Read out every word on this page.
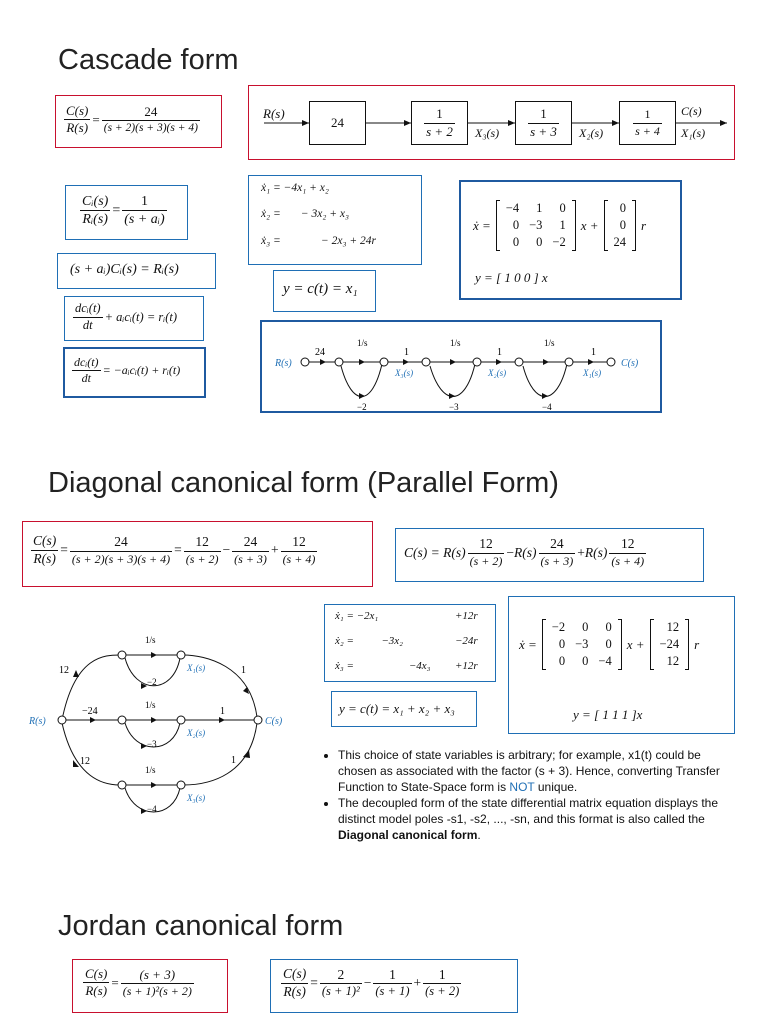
Cascade form
$\frac{C(s)}{R(s)} = \frac{24}{(s + 2)(s + 3)(s + 4)}$	R(s)
24	$\frac{1}{s + 2} X_3(s) \frac{1}{s + 3} X_2(s) \frac{1}{s + 4} C(s)$
X₁(s)
$\frac{\text{Cᵢ(s)}}{\text{Rᵢ(s)}} = \frac{1}{\text{(s + aᵢ)}}$
(s + aᵢ)Cᵢ(s) = Rᵢ(s)
$\frac{\text{dcᵢ(t)}}{dt}$ + aᵢcᵢ(t) = rᵢ(t)
$\frac{\text{dcᵢ(t)}}{dt}$ = −aᵢcᵢ(t) + rᵢ(t)
ẋ₁ = −4x₁ + x₂
ẋ₂ =       − 3x₂ + x₃
ẋ₃ =              − 2x₃ + 24r
y = c(t) = x₁
ẋ =
−4	1	0
0	−3	1
0	0	−2
x +
0
0
24
r
y = [ 1 0 0 ] x
R(s)
24
1/s
1
1/s
1
1/s
1
C(s)
X₃(s)	X₂(s)	X₁(s)
−2	−3	−4
Diagonal canonical form (Parallel Form)
$\frac{C(s)}{R(s)} = \frac{24}{(s + 2)(s + 3)(s + 4)} = \frac{12}{(s + 2)} - \frac{24}{(s + 3)} + \frac{12}{(s + 4)}$	$C(s) = R(s) \frac{12}{(s + 2)} - R(s) \frac{24}{(s + 3)} + R(s) \frac{12}{(s + 4)}$
R(s)	C(s)
12
−24
12
1/s
1/s
1/s
1
1
1
X₁(s)
X₂(s)
X₃(s)
−2
−3
−4
ẋ₁ = −2x₁	+12r
ẋ₂ =          −3x₂	−24r
ẋ₃ =                    −4x₃ +12r
y = c(t) = x₁ + x₂ + x₃
ẋ =
−2	0	0
0	−3	0
0	0	−4
x +
12
−24
12
r
y = [ 1 1 1 ]x
• This choice of state variables is arbitrary; for example, x1(t) could be chosen as associated with the factor (s + 3). Hence, converting Transfer Function to State-Space form is NOT unique.
• The decoupled form of the state differential matrix equation displays the distinct model poles -s1, -s2, ..., -sn, and this format is also called the Diagonal canonical form.
Jordan canonical form
$\frac{C(s)}{R(s)} = \frac{(s + 3)}{\text{(s + 1)²(s + 2)}}$	$\frac{C(s)}{R(s)} = \frac{2}{\text{(s + 1)²}} - \frac{1}{(s + 1)} + \frac{1}{(s + 2)}$
